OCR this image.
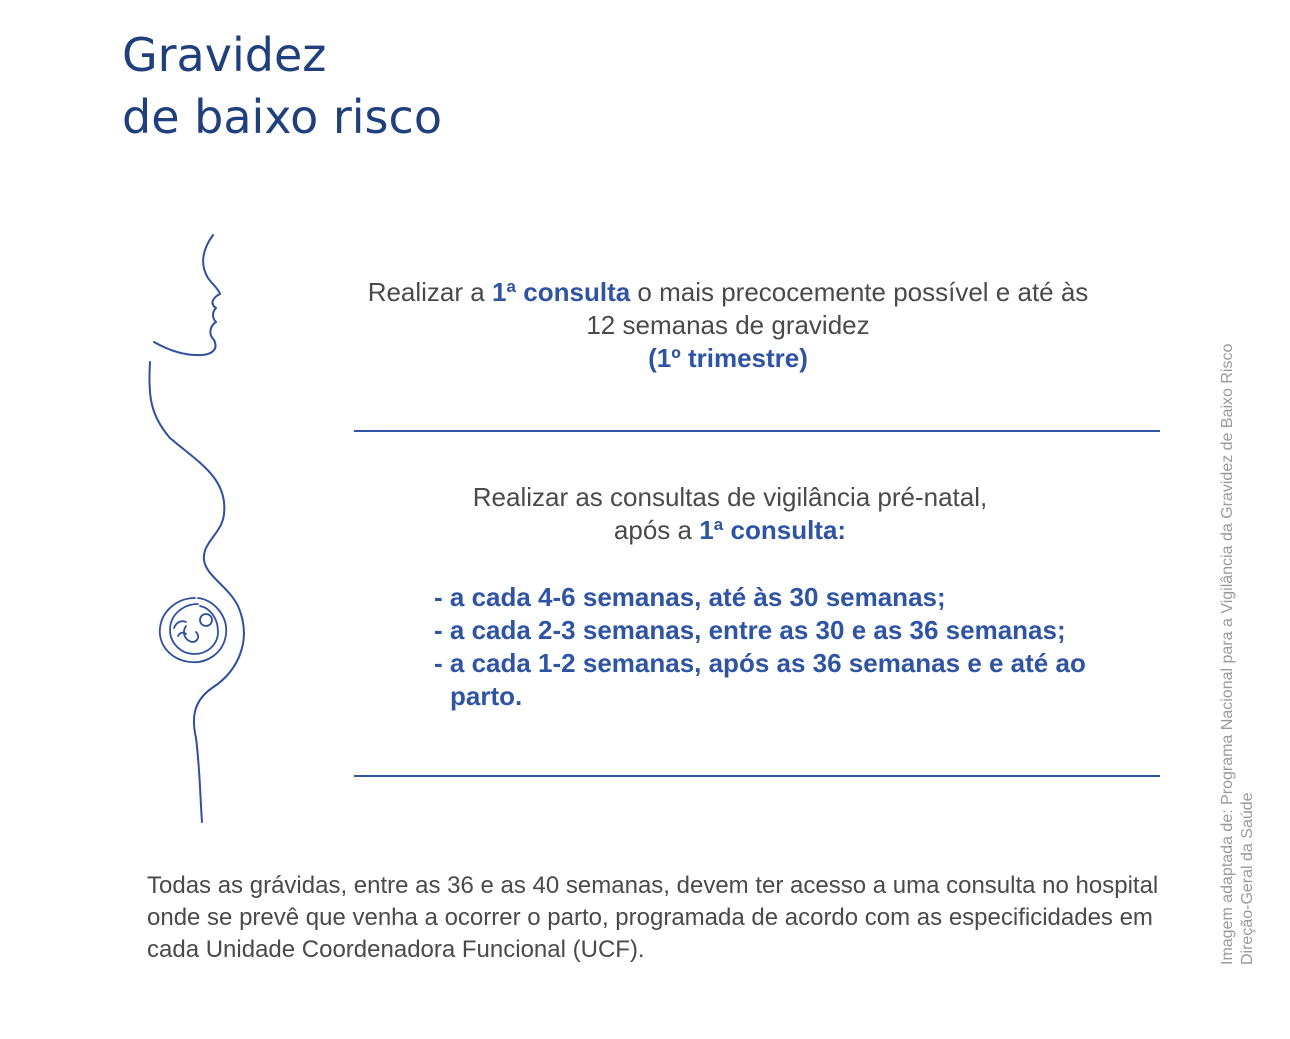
Gravidez
de baixo risco

Realizar a 1ª consulta o mais precocemente possível e até às 12 semanas de gravidez

(1º trimestre)

Realizar as consultas de vigilância pré-natal,

após a 1ª consulta:

- a cada 4-6 semanas, até às 30 semanas;
- a cada 2-3 semanas, entre as 30 e as 36 semanas;
- a cada 1-2 semanas, após as 36 semanas e e até ao parto.

Todas as grávidas, entre as 36 e as 40 semanas, devem ter acesso a uma consulta no hospital onde se prevê que venha a ocorrer o parto, programada de acordo com as especificidades em cada Unidade Coordenadora Funcional (UCF).	Imagem adaptada de: Programa Nacional para a Vigilância da Gravidez de Baixo Risco Direção-Geral da Saúde
